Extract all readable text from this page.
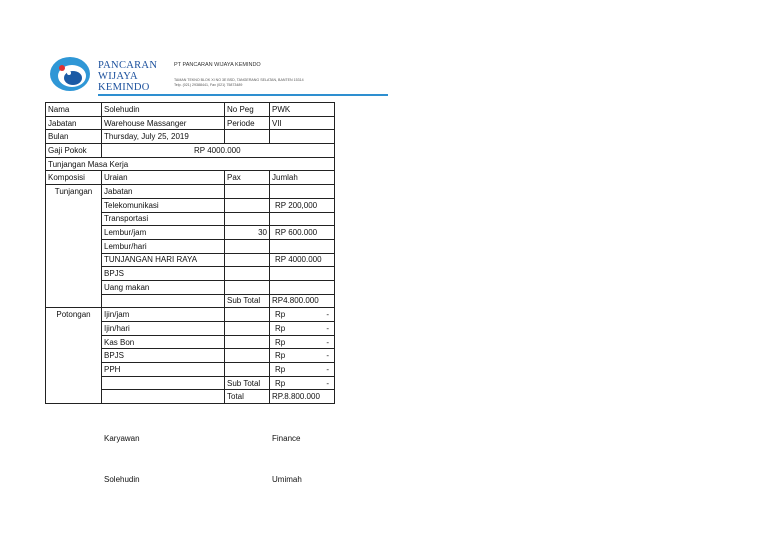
PANCARAN
WIJAYA
KEMINDO
PT PANCARAN WIJAYA KEMINDO
TAMAN TEKNO BLOK XI NO 3E BSD, TANGERANG SELATAN, BANTEN 15314
Telp. (021) 29388441, Fax (021) 75873489
Nama	Solehudin	No Peg	PWK
Jabatan	Warehouse Massanger	Periode	VII
Bulan	Thursday, July 25, 2019		
Gaji Pokok	RP 4000.000		
Tunjangan Masa Kerja			
Komposisi	Uraian	Pax	Jumlah
Tunjangan	Jabatan		
	Telekomunikasi		RP 200,000
	Transportasi		
	Lembur/jam	30	RP 600.000
	Lembur/hari		
	TUNJANGAN HARI RAYA		RP 4000.000
	BPJS		
	Uang makan		
		Sub Total	RP4.800.000
Potongan	Ijin/jam		Rp -

	Ijin/hari		Rp -

	Kas Bon		Rp -

	BPJS		Rp -

	PPH		Rp -

		Sub Total	Rp -

		Total	RP.8.800.000
Karyawan	Finance
Solehudin	Umimah
